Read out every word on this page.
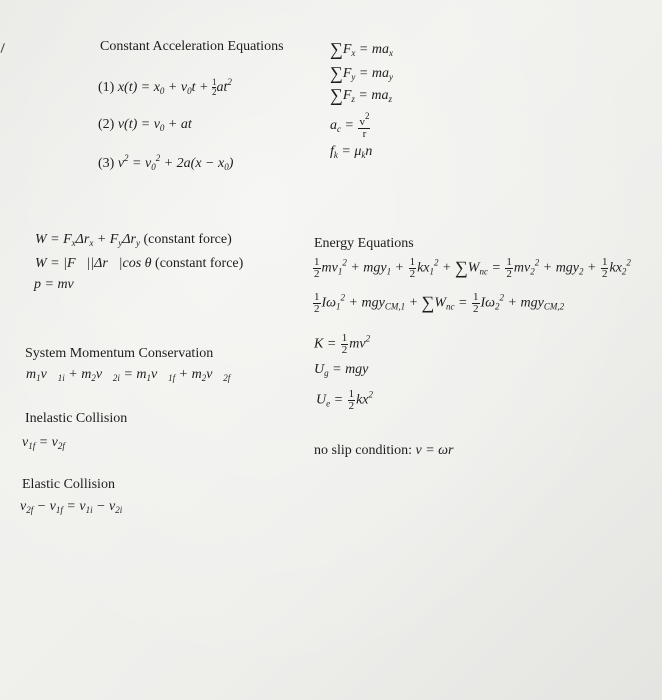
Constant Acceleration Equations
(1) $x(t) = x_0 + v_0t + \frac{1}{2} at^2$
(2) $v(t) = v_0$ + at
(3) $v^2 = v_0^2 + 2a(x - x_0)$
$\sum F_x = ma_x$
$\sum F_y = ma_y$
$\sum F_z = ma_z$
$a_c = \frac{v^2}{r}$
$f_k = \mu_kn$
$W = F_x\Delta r_x + F_y\Delta r_y$ (constant force)
W = |F⃗||Δr⃗|cos θ (constant force)
p = mv
System Momentum Conservation
$m_1v⃗_{1i}$ + $m_2v⃗_{2i}$ = $m_1v⃗_{1f}$ + $m_2v⃗_{2f}$
Inelastic Collision
$v_{1f} = v_{2f}$
Elastic Collision
$v_{2f} - v_{1f} = v_{1i} - v_{2i}$
Energy Equations
$\frac{1}{2} mv_1^2 + mgy_1 + \frac{1}{2} kx_1^2 + \sum W_{nc} = \frac{1}{2} mv_2^2 + mgy_2 + \frac{1}{2} kx_2^2$
$\frac{1}{2} I\omega_1^2 + mgy_{CM,1} + \sum W_{nc} = \frac{1}{2} I\omega_2^2 + mgy_{CM,2}$
$K = \frac{1}{2} mv^2$
$U_g$ = mgy
$U_e = \frac{1}{2} kx^2$
no slip condition: v = ωr
